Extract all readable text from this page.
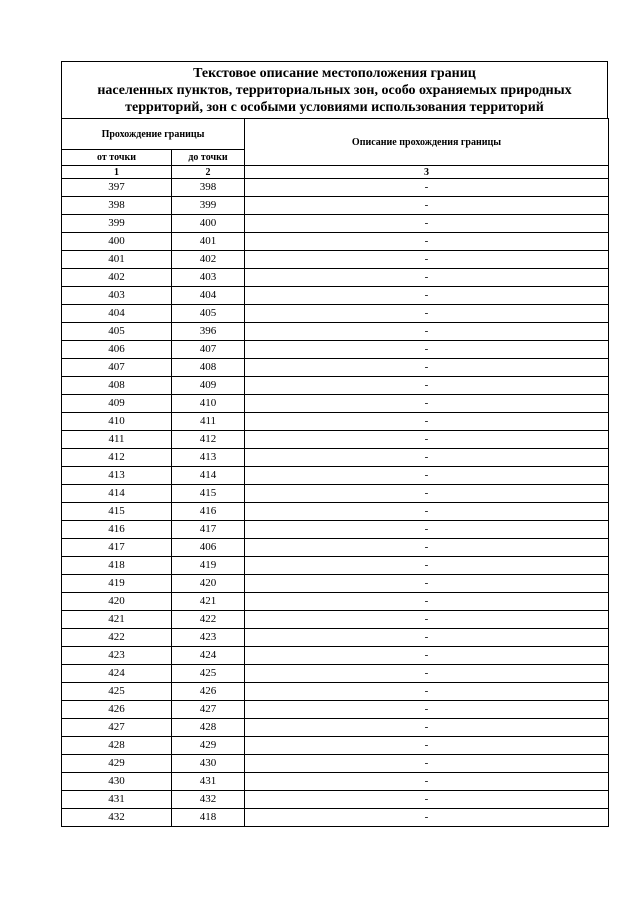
Текстовое описание местоположения границ
населенных пунктов, территориальных зон, особо охраняемых природных
территорий, зон с особыми условиями использования территорий
Прохождение границы		Описание прохождения границы
от точки	до точки	
1	2	3
397	398	-
398	399	-
399	400	-
400	401	-
401	402	-
402	403	-
403	404	-
404	405	-
405	396	-
406	407	-
407	408	-
408	409	-
409	410	-
410	411	-
411	412	-
412	413	-
413	414	-
414	415	-
415	416	-
416	417	-
417	406	-
418	419	-
419	420	-
420	421	-
421	422	-
422	423	-
423	424	-
424	425	-
425	426	-
426	427	-
427	428	-
428	429	-
429	430	-
430	431	-
431	432	-
432	418	-
